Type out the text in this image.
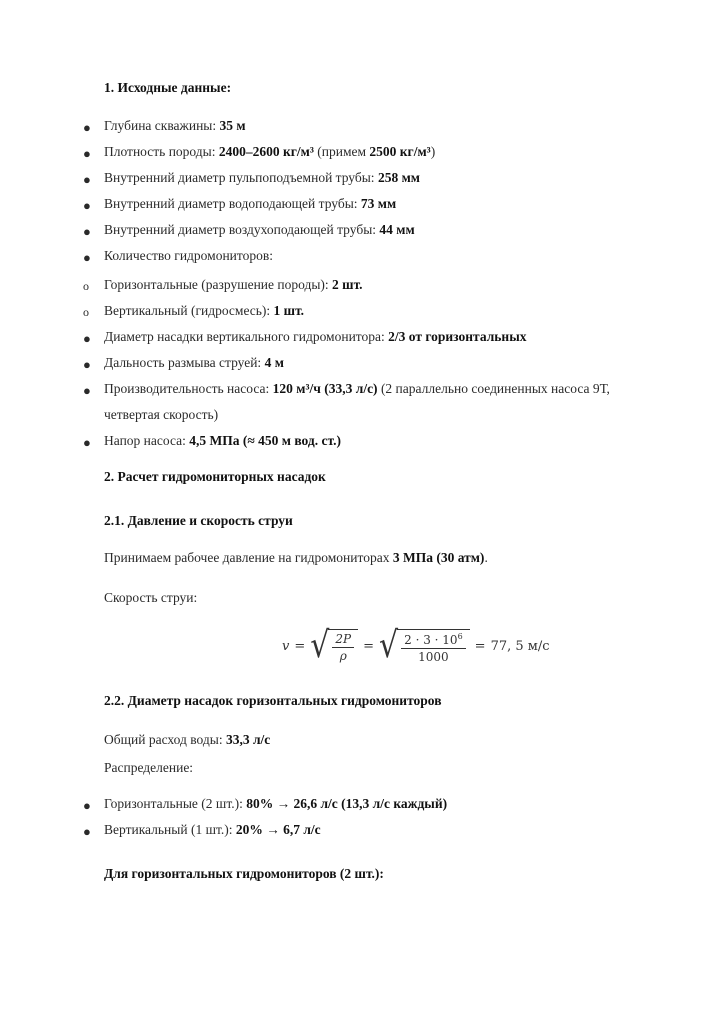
1. Исходные данные:
● Глубина скважины: 35 м
● Плотность породы: 2400–2600 кг/м³ (примем 2500 кг/м³)
● Внутренний диаметр пульпоподъемной трубы: 258 мм
● Внутренний диаметр водоподающей трубы: 73 мм
● Внутренний диаметр воздухоподающей трубы: 44 мм
● Количество гидромониторов:
o Горизонтальные (разрушение породы): 2 шт.
o Вертикальный (гидросмесь): 1 шт.
● Диаметр насадки вертикального гидромонитора: 2/3 от горизонтальных
● Дальность размыва струей: 4 м
● Производительность насоса: 120 м³/ч (33,3 л/с) (2 параллельно соединенных насоса 9Т,
четвертая скорость)
● Напор насоса: 4,5 МПа (≈ 450 м вод. ст.)
2. Расчет гидромониторных насадок
2.1. Давление и скорость струи
Принимаем рабочее давление на гидромониторах 3 МПа (30 атм).
Скорость струи:
v = √ $\frac{2P}{\rho}$ = √ $\frac{2 \cdot 3 \cdot 10^6}{1000} = 77$, 5 м/с
2.2. Диаметр насадок горизонтальных гидромониторов
Общий расход воды: 33,3 л/с
Распределение:
● Горизонтальные (2 шт.): 80% → 26,6 л/с (13,3 л/с каждый)
● Вертикальный (1 шт.): 20% → 6,7 л/с
Для горизонтальных гидромониторов (2 шт.):
